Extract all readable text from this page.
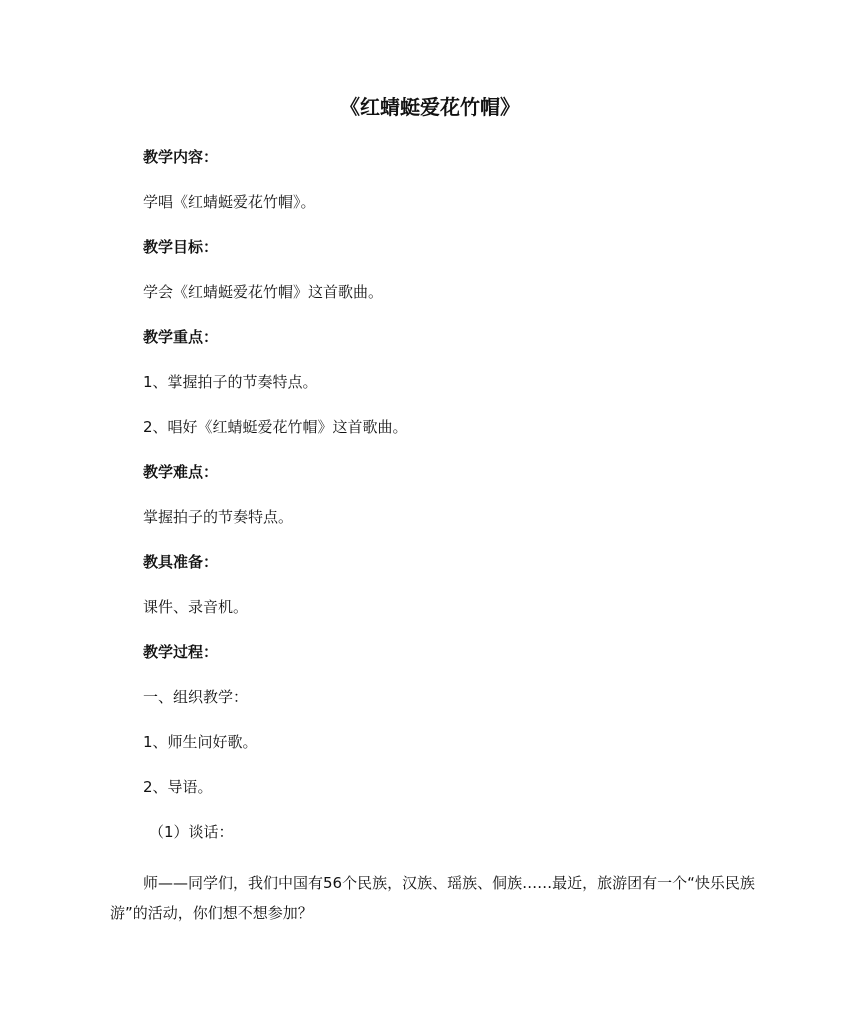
《红蜻蜓爱花竹帽》
教学内容：
学唱《红蜻蜓爱花竹帽》。
教学目标：
学会《红蜻蜓爱花竹帽》这首歌曲。
教学重点：
1、掌握拍子的节奏特点。
2、唱好《红蜻蜓爱花竹帽》这首歌曲。
教学难点：
掌握拍子的节奏特点。
教具准备：
课件、录音机。
教学过程：
一、组织教学：
1、师生问好歌。
2、导语。
（1）谈话：
师——同学们，我们中国有56个民族，汉族、瑶族、侗族……最近，旅游团有一个“快乐民族游”的活动，你们想不想参加？
